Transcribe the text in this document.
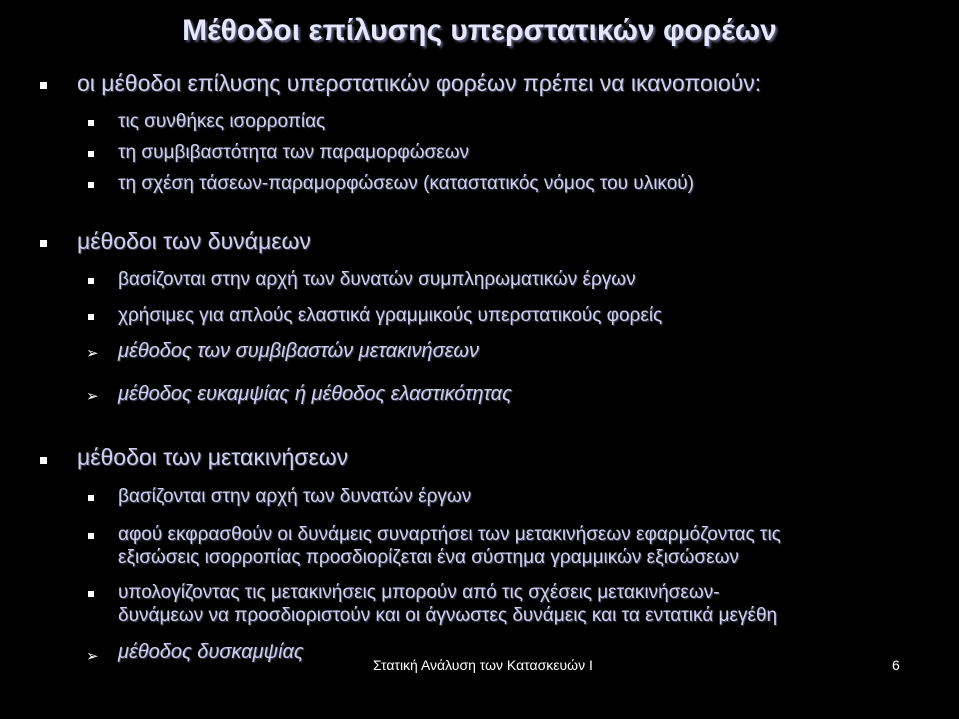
Μέθοδοι επίλυσης υπερστατικών φορέων
οι μέθοδοι επίλυσης υπερστατικών φορέων πρέπει να ικανοποιούν:
τις συνθήκες ισορροπίας
τη συμβιβαστότητα των παραμορφώσεων
τη σχέση τάσεων-παραμορφώσεων (καταστατικός νόμος του υλικού)
μέθοδοι των δυνάμεων
βασίζονται στην αρχή των δυνατών συμπληρωματικών έργων
χρήσιμες για απλούς ελαστικά γραμμικούς υπερστατικούς φορείς
➢ μέθοδος των συμβιβαστών μετακινήσεων
➢ μέθοδος ευκαμψίας ή μέθοδος ελαστικότητας
μέθοδοι των μετακινήσεων
βασίζονται στην αρχή των δυνατών έργων
αφού εκφρασθούν οι δυνάμεις συναρτήσει των μετακινήσεων εφαρμόζοντας τις
εξισώσεις ισορροπίας προσδιορίζεται ένα σύστημα γραμμικών εξισώσεων
υπολογίζοντας τις μετακινήσεις μπορούν από τις σχέσεις μετακινήσεων-
δυνάμεων να προσδιοριστούν και οι άγνωστες δυνάμεις και τα εντατικά μεγέθη
➢ μέθοδος δυσκαμψίας
Στατική Ανάλυση των Κατασκευών Ι	6
